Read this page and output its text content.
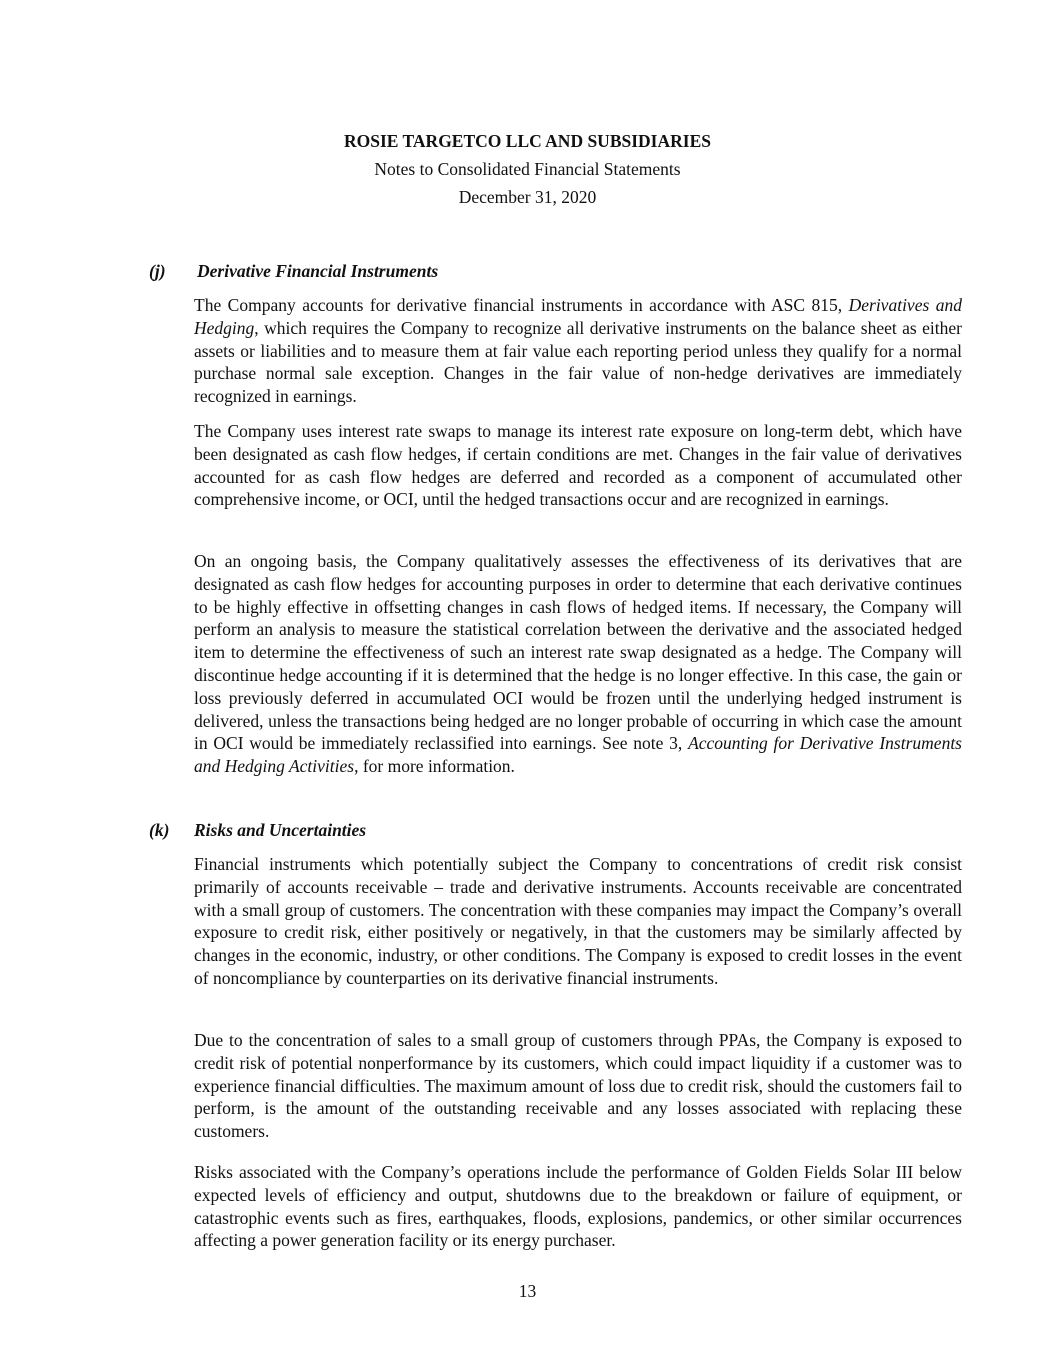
ROSIE TARGETCO LLC AND SUBSIDIARIES
Notes to Consolidated Financial Statements
December 31, 2020
(j) Derivative Financial Instruments
The Company accounts for derivative financial instruments in accordance with ASC 815, Derivatives and Hedging, which requires the Company to recognize all derivative instruments on the balance sheet as either assets or liabilities and to measure them at fair value each reporting period unless they qualify for a normal purchase normal sale exception. Changes in the fair value of non-hedge derivatives are immediately recognized in earnings.
The Company uses interest rate swaps to manage its interest rate exposure on long-term debt, which have been designated as cash flow hedges, if certain conditions are met. Changes in the fair value of derivatives accounted for as cash flow hedges are deferred and recorded as a component of accumulated other comprehensive income, or OCI, until the hedged transactions occur and are recognized in earnings.
On an ongoing basis, the Company qualitatively assesses the effectiveness of its derivatives that are designated as cash flow hedges for accounting purposes in order to determine that each derivative continues to be highly effective in offsetting changes in cash flows of hedged items. If necessary, the Company will perform an analysis to measure the statistical correlation between the derivative and the associated hedged item to determine the effectiveness of such an interest rate swap designated as a hedge. The Company will discontinue hedge accounting if it is determined that the hedge is no longer effective. In this case, the gain or loss previously deferred in accumulated OCI would be frozen until the underlying hedged instrument is delivered, unless the transactions being hedged are no longer probable of occurring in which case the amount in OCI would be immediately reclassified into earnings. See note 3, Accounting for Derivative Instruments and Hedging Activities, for more information.
(k) Risks and Uncertainties
Financial instruments which potentially subject the Company to concentrations of credit risk consist primarily of accounts receivable – trade and derivative instruments. Accounts receivable are concentrated with a small group of customers. The concentration with these companies may impact the Company’s overall exposure to credit risk, either positively or negatively, in that the customers may be similarly affected by changes in the economic, industry, or other conditions. The Company is exposed to credit losses in the event of noncompliance by counterparties on its derivative financial instruments.
Due to the concentration of sales to a small group of customers through PPAs, the Company is exposed to credit risk of potential nonperformance by its customers, which could impact liquidity if a customer was to experience financial difficulties. The maximum amount of loss due to credit risk, should the customers fail to perform, is the amount of the outstanding receivable and any losses associated with replacing these customers.
Risks associated with the Company’s operations include the performance of Golden Fields Solar III below expected levels of efficiency and output, shutdowns due to the breakdown or failure of equipment, or catastrophic events such as fires, earthquakes, floods, explosions, pandemics, or other similar occurrences affecting a power generation facility or its energy purchaser.
13
